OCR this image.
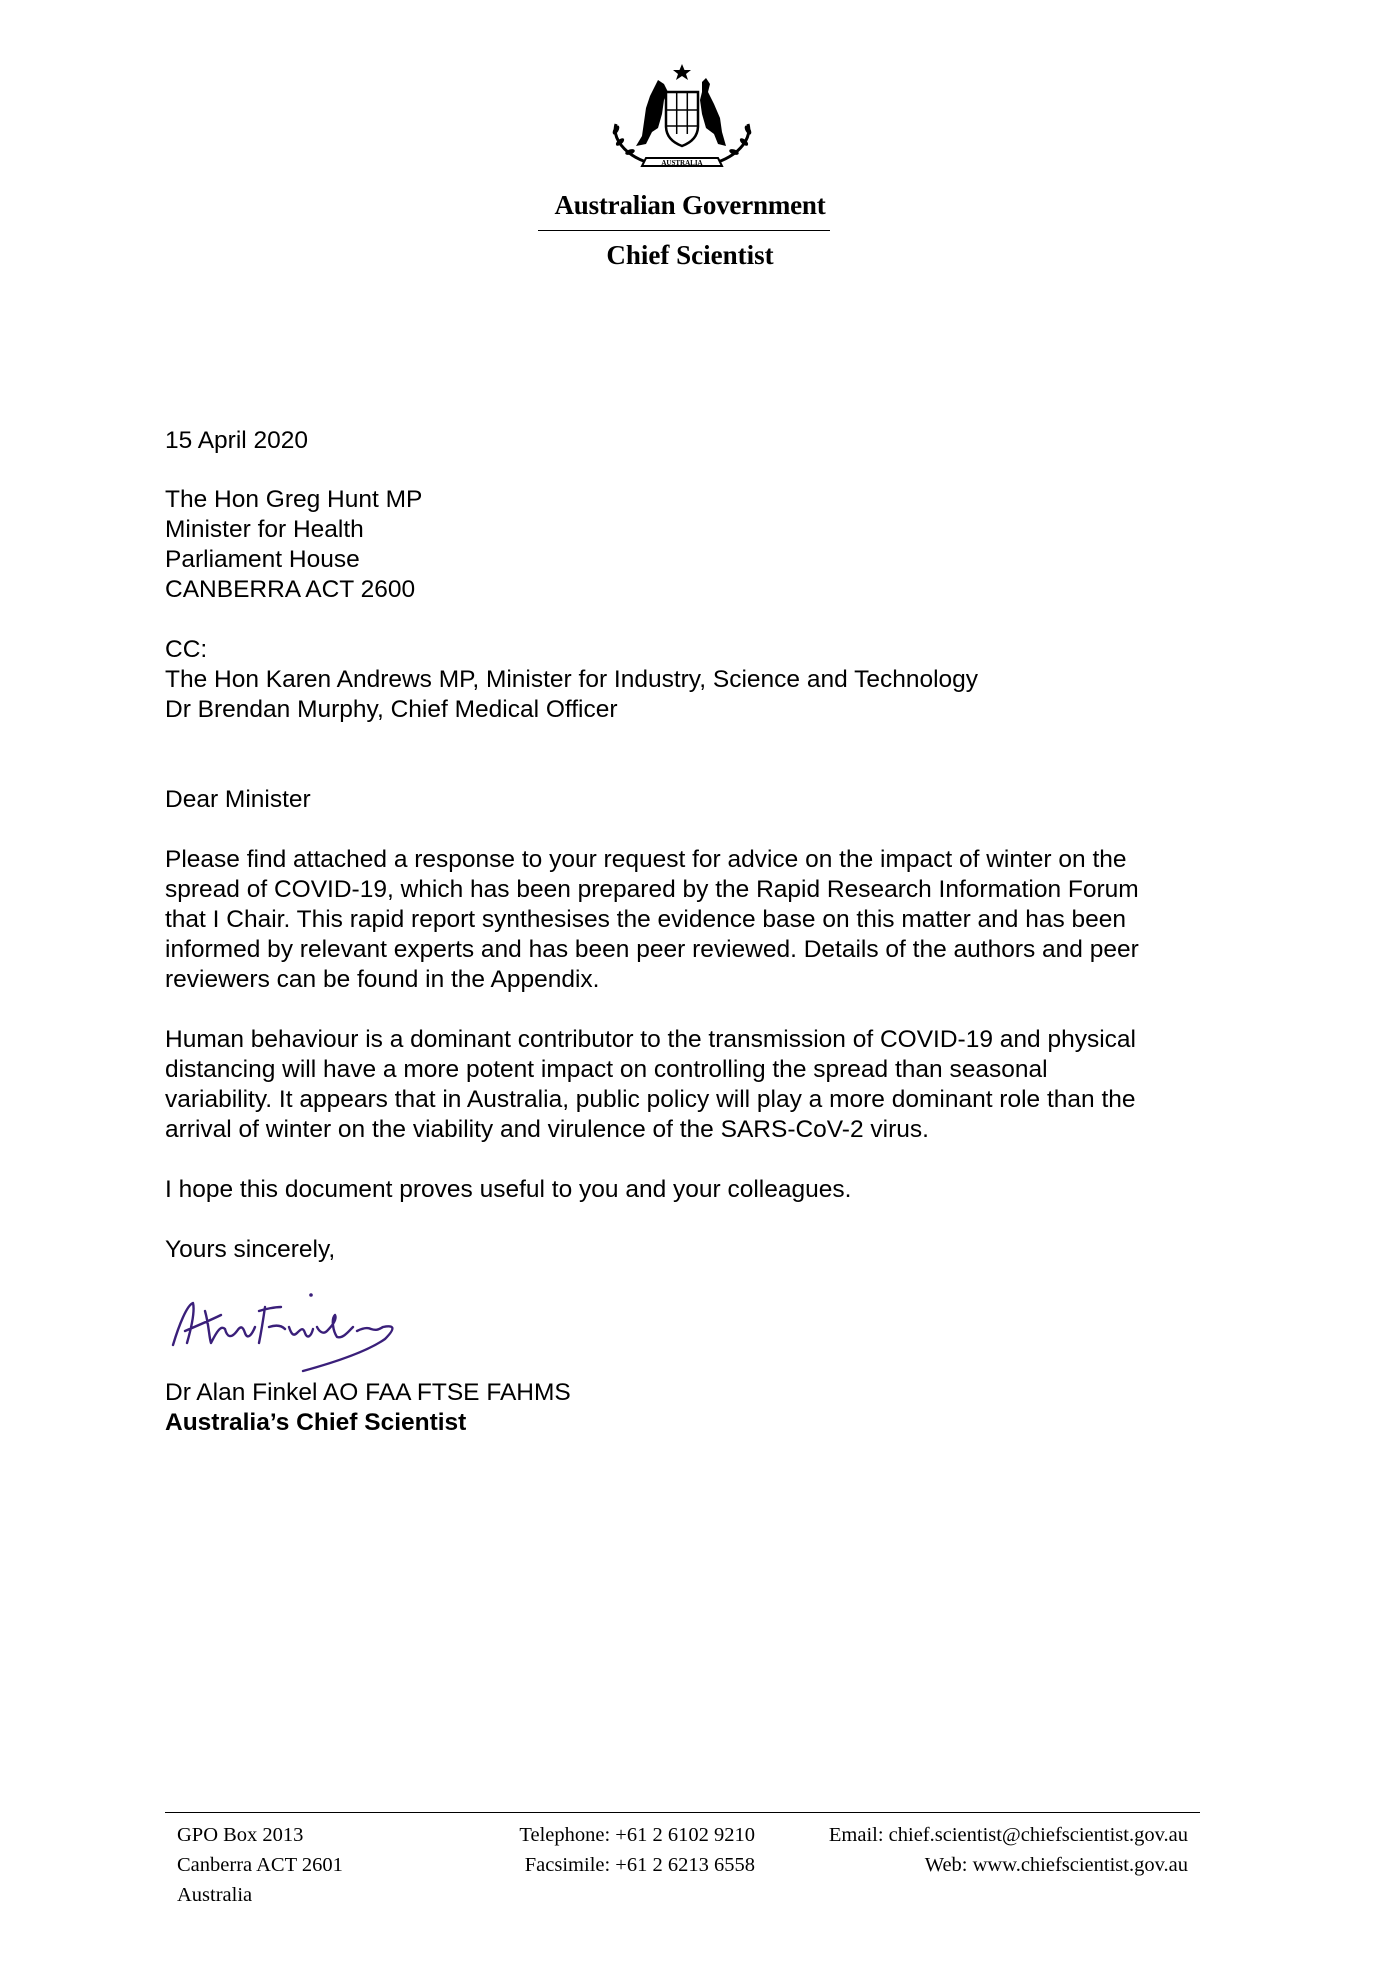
AUSTRALIA
Australian Government
Chief Scientist
15 April 2020
The Hon Greg Hunt MP
Minister for Health
Parliament House
CANBERRA ACT 2600
CC:
The Hon Karen Andrews MP, Minister for Industry, Science and Technology
Dr Brendan Murphy, Chief Medical Officer
Dear Minister
Please find attached a response to your request for advice on the impact of winter on the
spread of COVID-19, which has been prepared by the Rapid Research Information Forum
that I Chair. This rapid report synthesises the evidence base on this matter and has been
informed by relevant experts and has been peer reviewed. Details of the authors and peer
reviewers can be found in the Appendix.
Human behaviour is a dominant contributor to the transmission of COVID-19 and physical
distancing will have a more potent impact on controlling the spread than seasonal
variability. It appears that in Australia, public policy will play a more dominant role than the
arrival of winter on the viability and virulence of the SARS-CoV-2 virus.
I hope this document proves useful to you and your colleagues.
Yours sincerely,
Dr Alan Finkel AO FAA FTSE FAHMS
Australia’s Chief Scientist
GPO Box 2013
Canberra ACT 2601
Australia
Telephone: +61 2 6102 9210
Facsimile: +61 2 6213 6558
Email: chief.scientist@chiefscientist.gov.au
Web: www.chiefscientist.gov.au
